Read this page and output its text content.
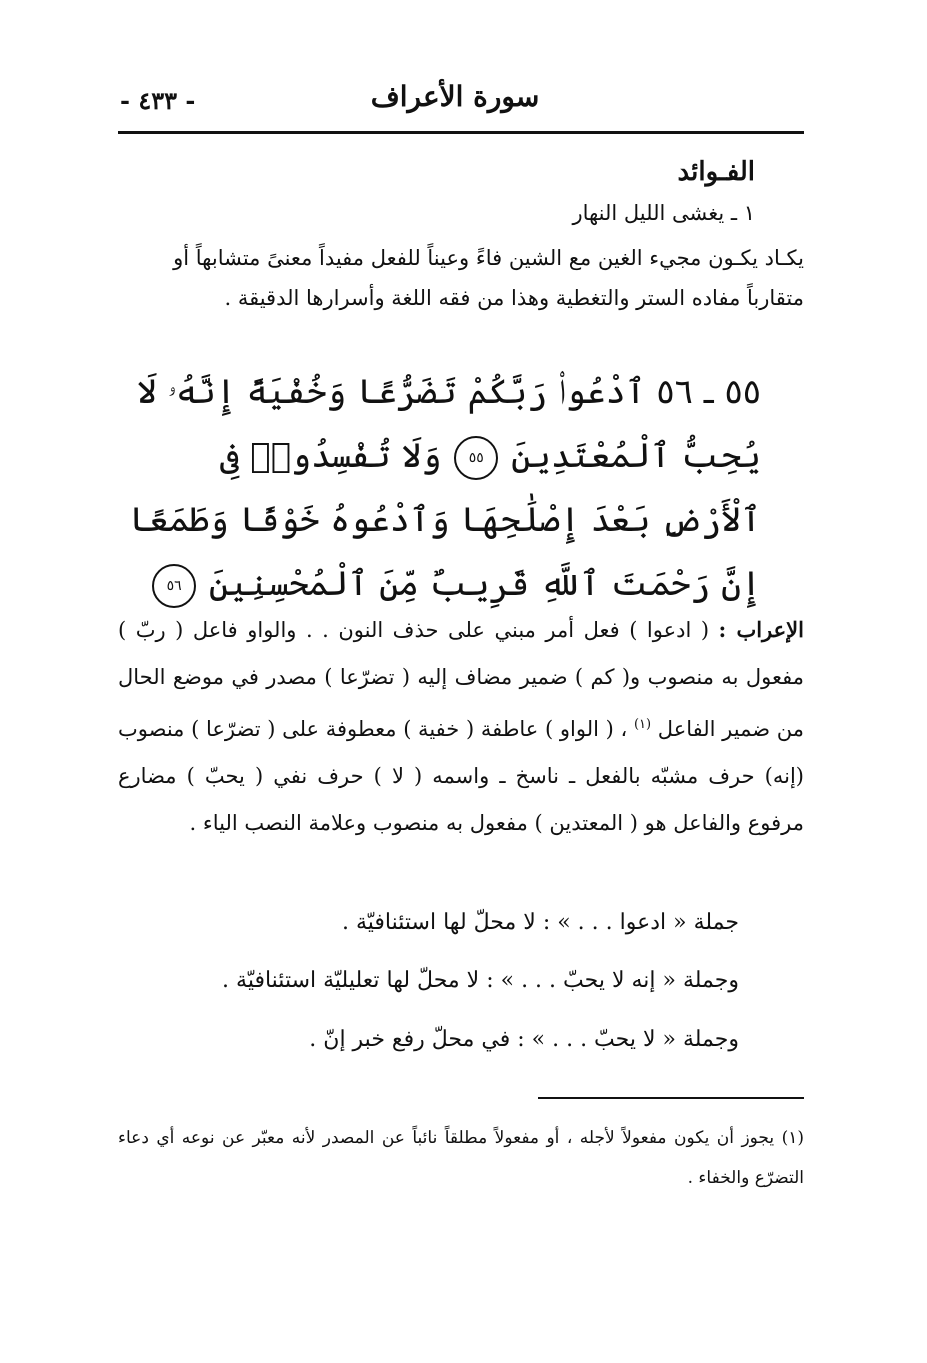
- ٤٣٣ -	سورة الأعراف
الفـوائد
١ ـ يغشى الليل النهار

يكـاد يكـون مجيء الغين مع الشين فاءً وعيناً للفعل مفيداً معنىً متشابهاً أو

متقارباً مفاده الستر والتغطية وهذا من فقه اللغة وأسرارها الدقيقة .

٥٥ ـ ٥٦ ٱدْعُوا۟ رَبَّكُمْ تَضَرُّعًا وَخُفْيَةً إِنَّهُۥ لَا يُحِبُّ ٱلْمُعْتَدِينَ ٥٥ وَلَا تُفْسِدُوا۟ فِى ٱلْأَرْضِ بَعْدَ إِصْلَٰحِهَا وَٱدْعُوهُ خَوْفًا وَطَمَعًا إِنَّ رَحْمَتَ ٱللَّهِ قَرِيبٌ مِّنَ ٱلْمُحْسِنِينَ ٥٦
الإعراب : ( ادعوا ) فعل أمر مبني على حذف النون . . والواو فاعل ( ربّ ) مفعول به منصوب و( كم ) ضمير مضاف إليه ( تضرّعا ) مصدر في موضع الحال من ضمير الفاعل $^{(١)}$ ، ( الواو ) عاطفة ( خفية ) معطوفة على ( تضرّعا ) منصوب (إنه) حرف مشبّه بالفعل ـ ناسخ ـ واسمه ( لا ) حرف نفي ( يحبّ ) مضارع مرفوع والفاعل هو ( المعتدين ) مفعول به منصوب وعلامة النصب الياء .
جملة « ادعوا . . . » : لا محلّ لها استئنافيّة .
وجملة « إنه لا يحبّ . . . » : لا محلّ لها تعليليّة استئنافيّة .
وجملة « لا يحبّ . . . » : في محلّ رفع خبر إنّ .
(١) يجوز أن يكون مفعولاً لأجله ، أو مفعولاً مطلقاً نائباً عن المصدر لأنه معبّر عن نوعه أي دعاء التضرّع والخفاء .
